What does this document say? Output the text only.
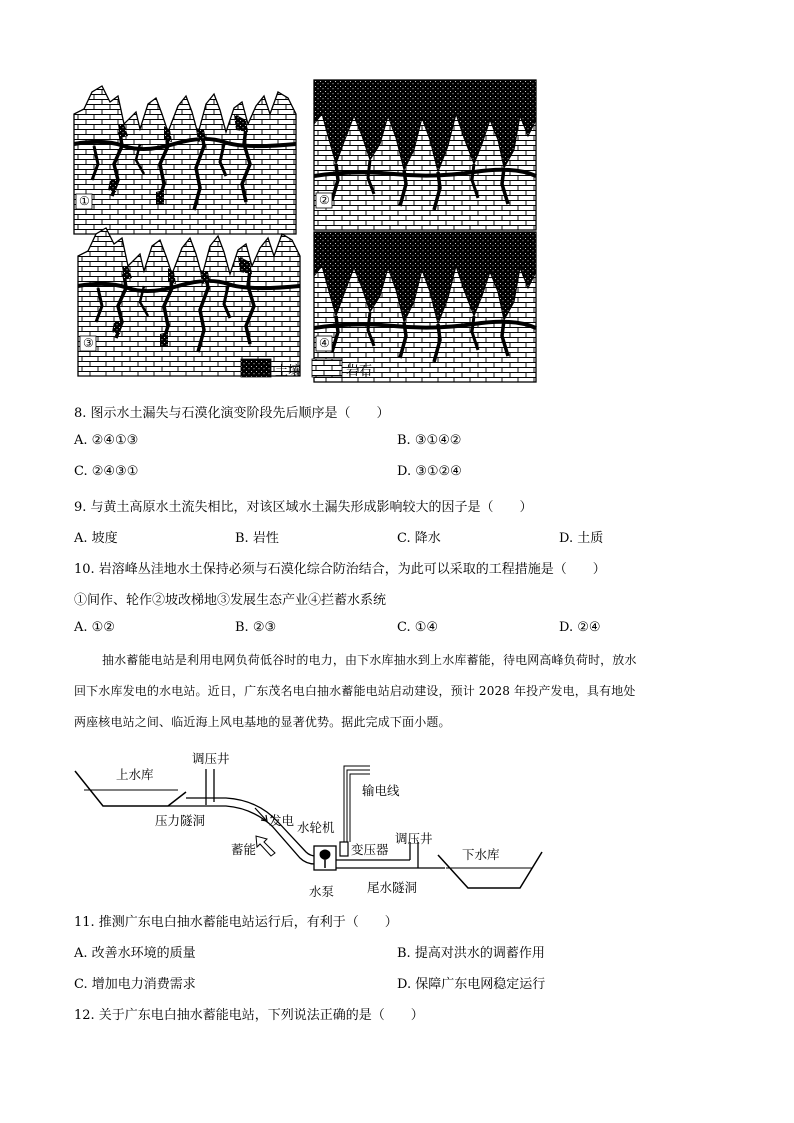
①	②
③	④
土壤	岩石
8. 图示水土漏失与石漠化演变阶段先后顺序是（　　）
A. ②④①③	B. ③①④②
C. ②④③①	D. ③①②④
9. 与黄土高原水土流失相比，对该区域水土漏失形成影响较大的因子是（　　）
A. 坡度	B. 岩性	C. 降水	D. 土质
10. 岩溶峰丛洼地水土保持必须与石漠化综合防治结合，为此可以采取的工程措施是（　　）
①间作、轮作②坡改梯地③发展生态产业④拦蓄水系统
A. ①②	B. ②③	C. ①④	D. ②④
抽水蓄能电站是利用电网负荷低谷时的电力，由下水库抽水到上水库蓄能，待电网高峰负荷时，放水
回下水库发电的水电站。近日，广东茂名电白抽水蓄能电站启动建设，预计 2028 年投产发电，具有地处
两座核电站之间、临近海上风电基地的显著优势。据此完成下面小题。
上水库
调压井
输电线
压力隧洞	发电 水轮机
蓄能	变压器
调压井
下水库
水泵	尾水隧洞
11. 推测广东电白抽水蓄能电站运行后，有利于（　　）
A. 改善水环境的质量	B. 提高对洪水的调蓄作用
C. 增加电力消费需求	D. 保障广东电网稳定运行
12. 关于广东电白抽水蓄能电站，下列说法正确的是（　　）
